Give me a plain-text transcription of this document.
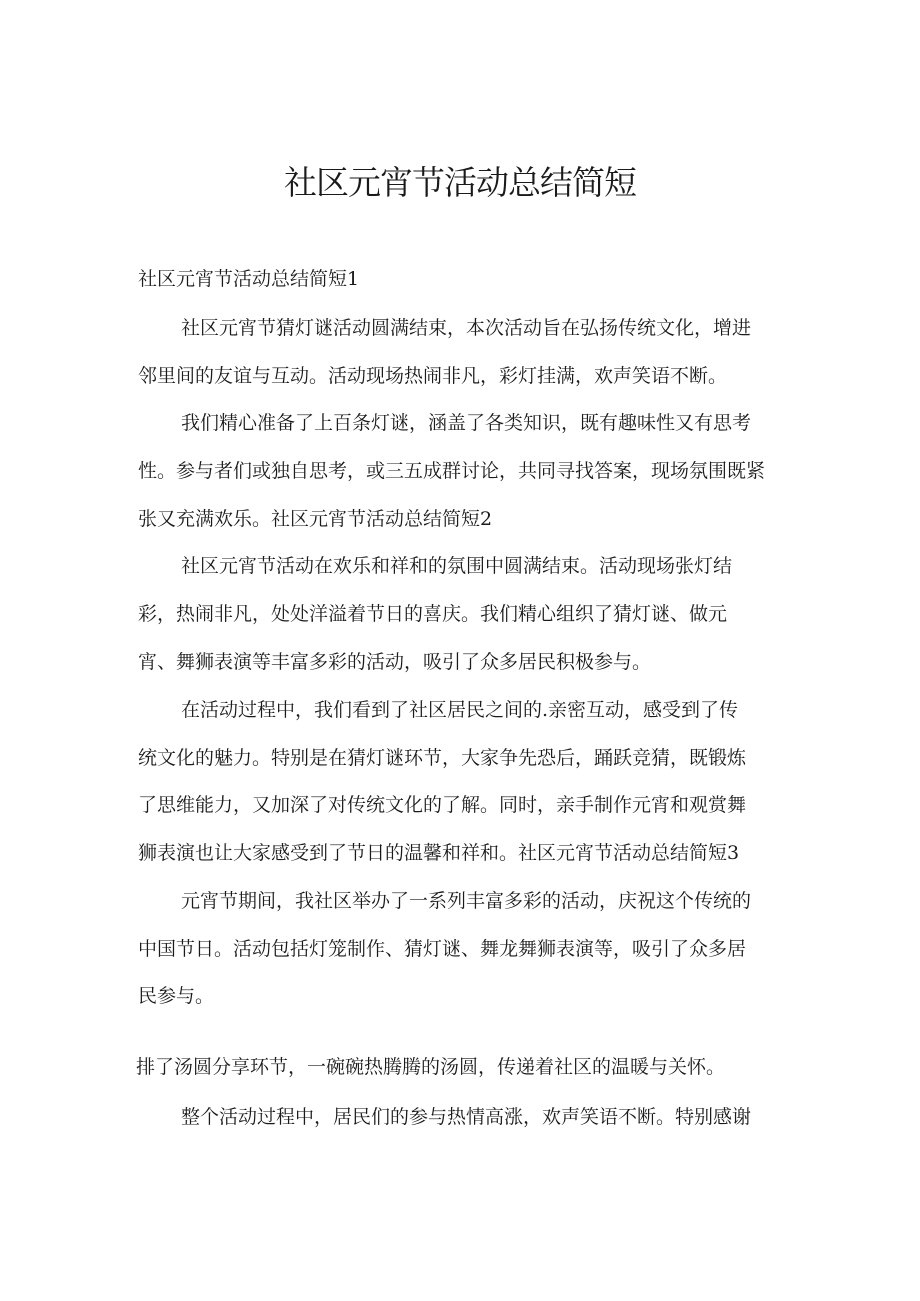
社区元宵节活动总结简短

社区元宵节活动总结简短1

社区元宵节猜灯谜活动圆满结束，本次活动旨在弘扬传统文化，增进

邻里间的友谊与互动。活动现场热闹非凡，彩灯挂满，欢声笑语不断。

我们精心准备了上百条灯谜，涵盖了各类知识，既有趣味性又有思考

性。参与者们或独自思考，或三五成群讨论，共同寻找答案，现场氛围既紧

张又充满欢乐。社区元宵节活动总结简短2

社区元宵节活动在欢乐和祥和的氛围中圆满结束。活动现场张灯结

彩，热闹非凡，处处洋溢着节日的喜庆。我们精心组织了猜灯谜、做元

宵、舞狮表演等丰富多彩的活动，吸引了众多居民积极参与。

在活动过程中，我们看到了社区居民之间的.亲密互动，感受到了传

统文化的魅力。特别是在猜灯谜环节，大家争先恐后，踊跃竞猜，既锻炼

了思维能力，又加深了对传统文化的了解。同时，亲手制作元宵和观赏舞

狮表演也让大家感受到了节日的温馨和祥和。社区元宵节活动总结简短3

元宵节期间，我社区举办了一系列丰富多彩的活动，庆祝这个传统的

中国节日。活动包括灯笼制作、猜灯谜、舞龙舞狮表演等，吸引了众多居

民参与。

排了汤圆分享环节，一碗碗热腾腾的汤圆，传递着社区的温暖与关怀。

整个活动过程中，居民们的参与热情高涨，欢声笑语不断。特别感谢
